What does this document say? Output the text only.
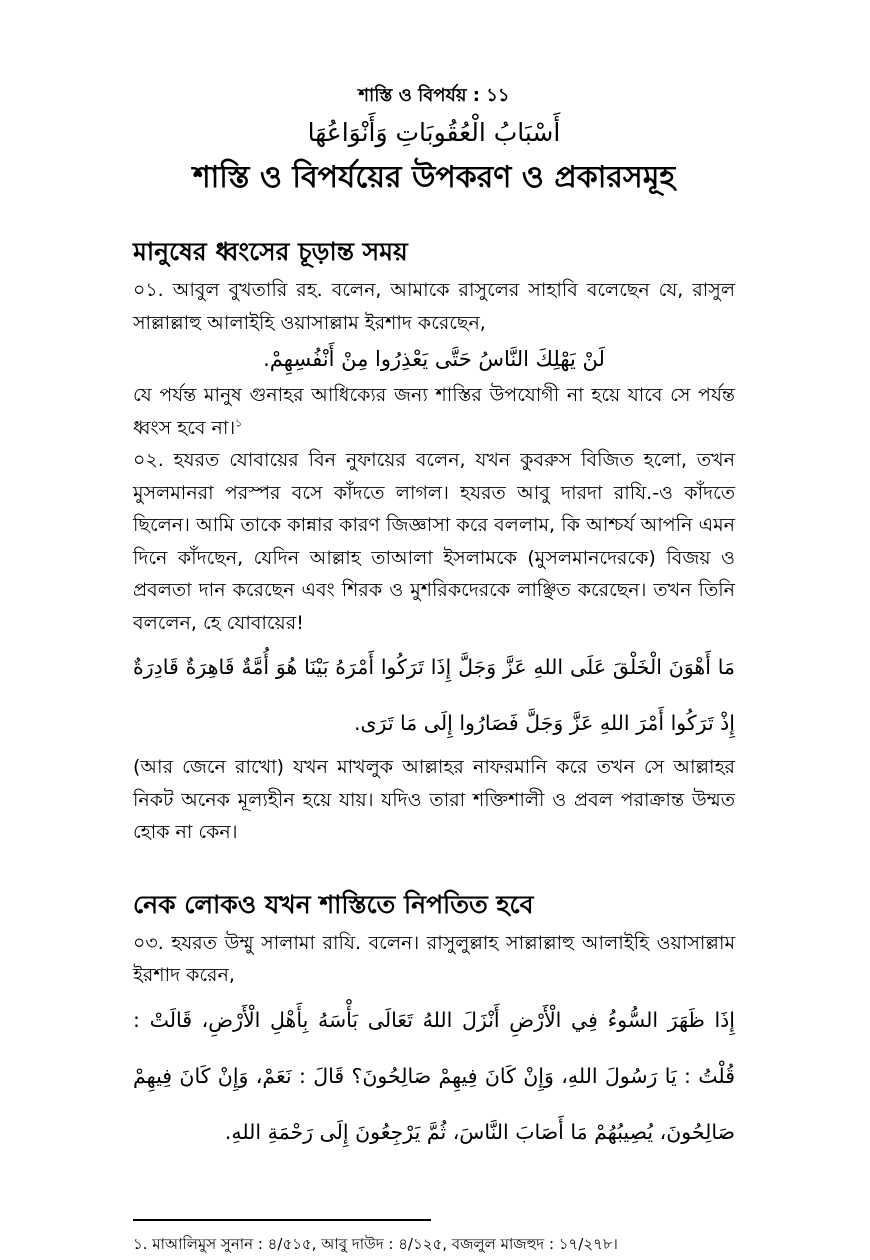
শাস্তি ও বিপর্যয় : ১১
أَسْبَابُ الْعُقُوبَاتِ وَأَنْوَاعُهَا
শাস্তি ও বিপর্যয়ের উপকরণ ও প্রকারসমূহ
মানুষের ধ্বংসের চূড়ান্ত সময়

০১. আবুল বুখতারি রহ. বলেন, আমাকে রাসুলের সাহাবি বলেছেন যে, রাসুল সাল্লাল্লাহু আলাইহি ওয়াসাল্লাম ইরশাদ করেছেন,

لَنْ يَهْلِكَ النَّاسُ حَتَّى يَعْذِرُوا مِنْ أَنْفُسِهِمْ.

যে পর্যন্ত মানুষ গুনাহর আধিক্যের জন্য শাস্তির উপযোগী না হয়ে যাবে সে পর্যন্ত ধ্বংস হবে না।$^১$

০২. হযরত যোবায়ের বিন নুফায়ের বলেন, যখন কুবরুস বিজিত হলো, তখন মুসলমানরা পরস্পর বসে কাঁদতে লাগল। হযরত আবু দারদা রাযি.-ও কাঁদতে ছিলেন। আমি তাকে কান্নার কারণ জিজ্ঞাসা করে বললাম, কি আশ্চর্য আপনি এমন দিনে কাঁদছেন, যেদিন আল্লাহ তাআলা ইসলামকে (মুসলমানদেরকে) বিজয় ও প্রবলতা দান করেছেন এবং শিরক ও মুশরিকদেরকে লাঞ্ছিত করেছেন। তখন তিনি বললেন, হে যোবায়ের!

مَا أَهْوَنَ الْخَلْقَ عَلَى اللهِ عَزَّ وَجَلَّ إِذَا تَرَكُوا أَمْرَهُ بَيْنَا هُوَ أُمَّةٌ قَاهِرَةٌ قَادِرَةٌ إِذْ تَرَكُوا أَمْرَ اللهِ عَزَّ وَجَلَّ فَصَارُوا إِلَى مَا تَرَى.

(আর জেনে রাখো) যখন মাখলুক আল্লাহর নাফরমানি করে তখন সে আল্লাহর নিকট অনেক মূল্যহীন হয়ে যায়। যদিও তারা শক্তিশালী ও প্রবল পরাক্রান্ত উম্মত হোক না কেন।

নেক লোকও যখন শাস্তিতে নিপতিত হবে

০৩. হযরত উম্মু সালামা রাযি. বলেন। রাসুলুল্লাহ সাল্লাল্লাহু আলাইহি ওয়াসাল্লাম ইরশাদ করেন,

إِذَا ظَهَرَ السُّوءُ فِي الْأَرْضِ أَنْزَلَ اللهُ تَعَالَى بَأْسَهُ بِأَهْلِ الْأَرْضِ، قَالَتْ : قُلْتُ : يَا رَسُولَ اللهِ، وَإِنْ كَانَ فِيهِمْ صَالِحُونَ؟ قَالَ : نَعَمْ، وَإِنْ كَانَ فِيهِمْ صَالِحُونَ، يُصِيبُهُمْ مَا أَصَابَ النَّاسَ، ثُمَّ يَرْجِعُونَ إِلَى رَحْمَةِ اللهِ.

১. মাআলিমুস সুনান : ৪/৫১৫, আবু দাউদ : ৪/১২৫, বজলুল মাজহুদ : ১৭/২৭৮।
